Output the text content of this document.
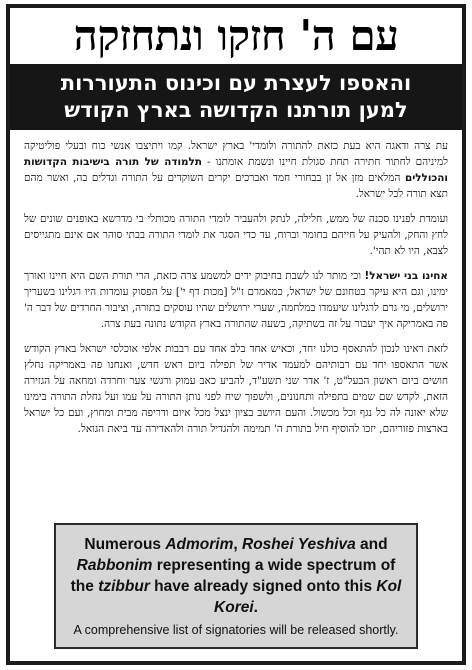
עם ה' חזקו ונתחזקה
והאספו לעצרת עם וכינוס התעוררות
למען תורתנו הקדושה בארץ הקודש

עת צרה ודאגה היא בעת כזאת להתורה ולומדי' בארץ ישראל. קמו ויתיצבו אנשי כוח ובעלי פוליטיקה למיניהם לחתור חתירה תחת סגולת חיינו ונשמת אומתנו - תלמודה של תורה בישיבות הקדושות והכוללים המלאים מזן אל זן בבחורי חמד ואברכים יקרים השוקדים על התורה וגדלים בה, ואשר מהם תצא תורה לכל ישראל.

ועומדת לפנינו סכנה של ממש, חלילה, לנתק ולהעביר לומדי התורה מכותלי בי מדרשא באופנים שונים של לחץ והחק, ולהעיק על חייהם בחומר וברוח, עד כדי הסגר את לומדי התורה בבתי סוהר אם אינם מתגייסים לצבא, היו לא תהי'.

אחינו בני ישראל! וכי מותר לנו לשבת בחיבוק ידים למשמע צרה כזאת, הרי תורת השם היא חיינו ואורך ימינו, וגם היא עיקר בטחונם של ישראל, כמאמרם ז"ל [מכות דף י'] על הפסוק עומדות היו רגלינו בשעריך ירושלים, מי גרם לרגלינו שיעמדו במלחמה, שערי ירושלים שהיו עוסקים בתורה, וציבור החרדים של דבר ה' פה באמריקה איך יעבור על זה בשתיקה, בשעה שהתורה בארץ הקודש נתונה בעת צרה.

לזאת ראינו לנכון להתאסף כולנו יחד, וכאיש אחד בלב אחד עם רבבות אלפי אוכלסי ישראל בארץ הקודש אשר התאספו יחד עם רבותיהם למעמד אדיר של תפילה ביום ראש חדש, ואנחנו פה באמריקה נחלץ חושים ביום ראשון הבעל"ט, ז' אדר שני תשע"ד, להביע כאב עמוק ורגשי צער וחרדה ומחאה על הגזירה הזאת, לקדש שם שמים בתפילה ותחנונים, ולשפוך שיח לפני נותן התורה על עמו ועל גחלת התורה בימינו שלא יאונה לה כל נגף וכל מכשול. והעם היושב בציון ינצל מכל איום ודריפה מבית ומחוץ, ועם כל ישראל בארצות פזוריהם, יזכו להוסיף חיל בתורת ה' תמימה ולהגדיל תורה ולהאדירה עד ביאת הגואל.

Numerous Admorim, Roshei Yeshiva and Rabbonim representing a wide spectrum of the tzibbur have already signed onto this Kol Korei.
A comprehensive list of signatories will be released shortly.
